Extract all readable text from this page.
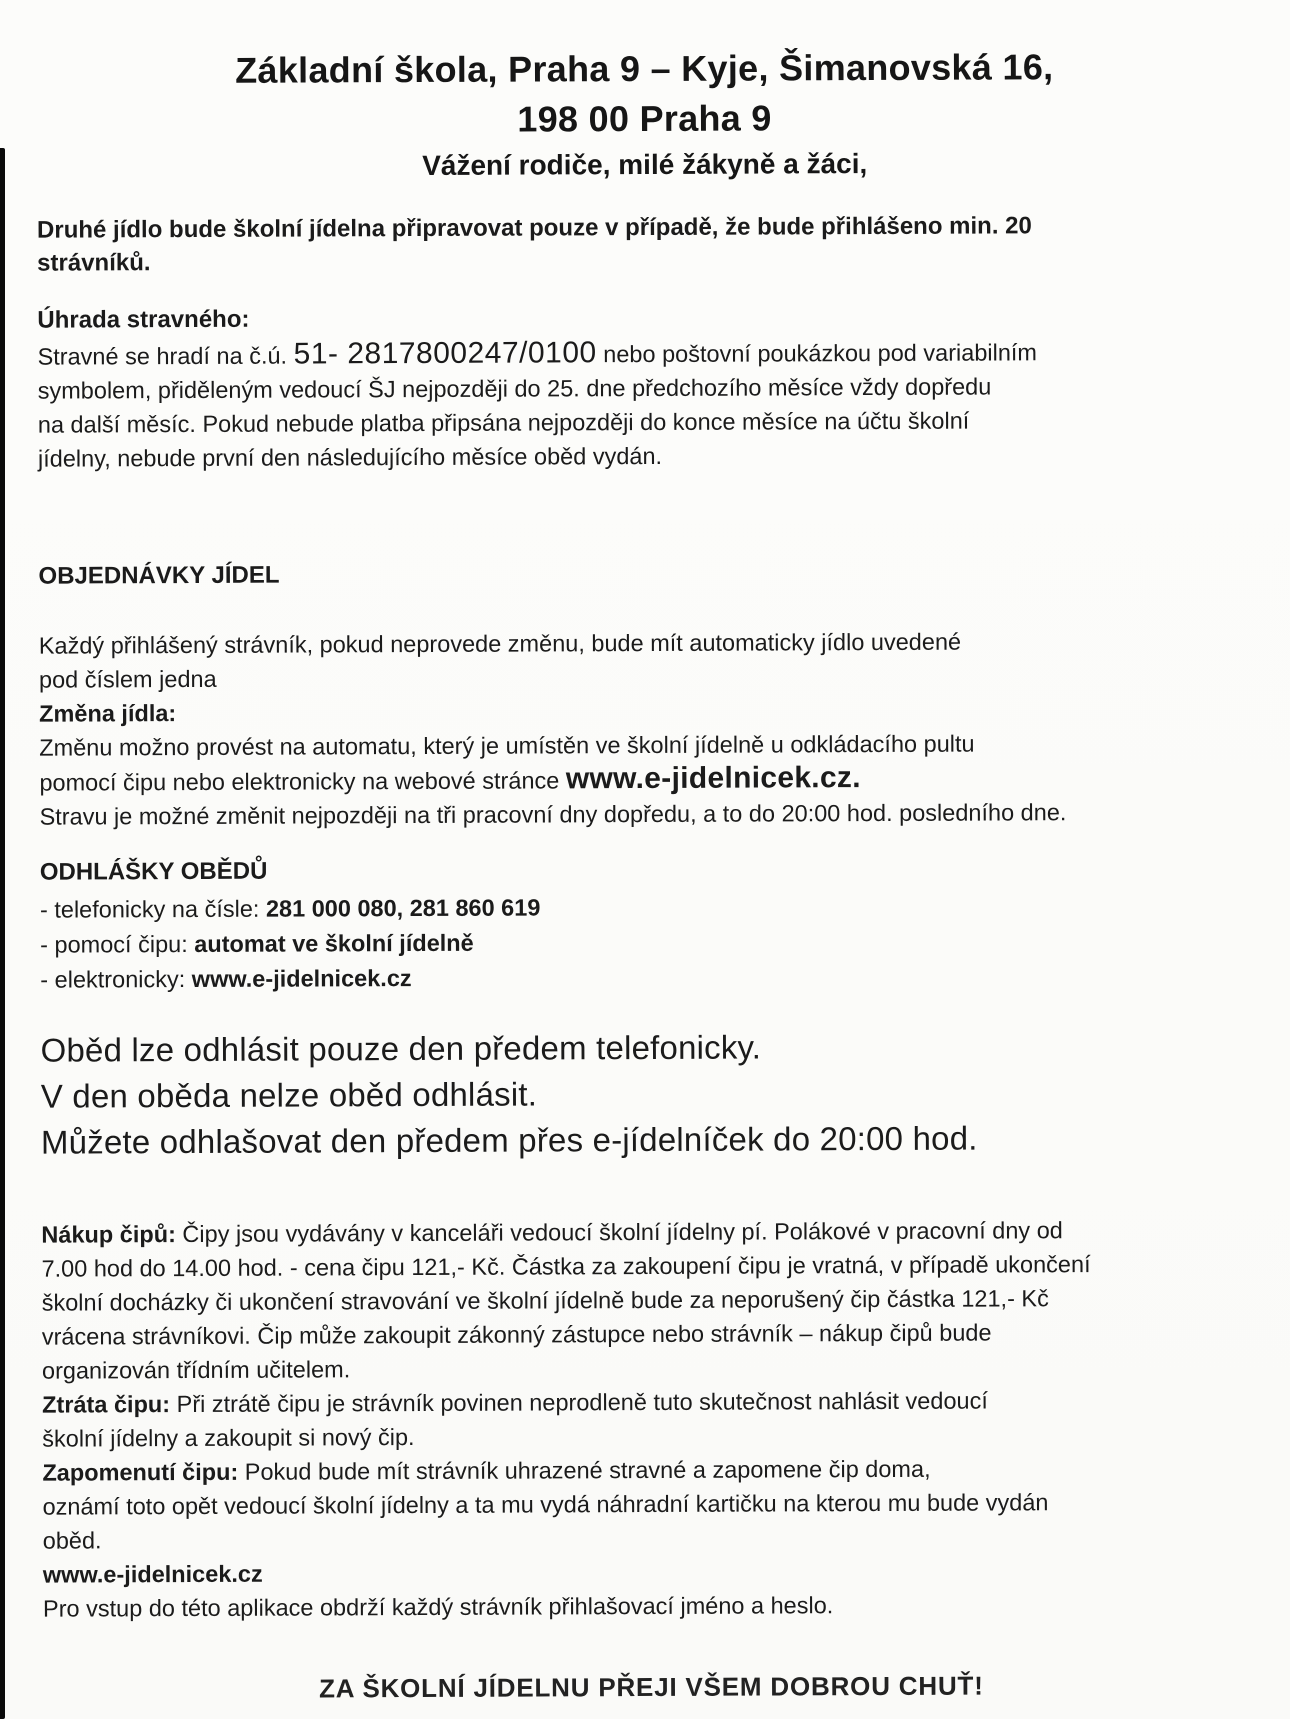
Základní škola, Praha 9 – Kyje, Šimanovská 16,
198 00 Praha 9

Vážení rodiče, milé žákyně a žáci,

Druhé jídlo bude školní jídelna připravovat pouze v případě, že bude přihlášeno min. 20
strávníků.

Úhrada stravného:

Stravné se hradí na č.ú. 51- 2817800247/0100 nebo poštovní poukázkou pod variabilním
symbolem, přiděleným vedoucí ŠJ nejpozději do 25. dne předchozího měsíce vždy dopředu
na další měsíc. Pokud nebude platba připsána nejpozději do konce měsíce na účtu školní
jídelny, nebude první den následujícího měsíce oběd vydán.

OBJEDNÁVKY JÍDEL

Každý přihlášený strávník, pokud neprovede změnu, bude mít automaticky jídlo uvedené
pod číslem jedna

Změna jídla:

Změnu možno provést na automatu, který je umístěn ve školní jídelně u odkládacího pultu
pomocí čipu nebo elektronicky na webové stránce www.e-jidelnicek.cz.
Stravu je možné změnit nejpozději na tři pracovní dny dopředu, a to do 20:00 hod. posledního dne.

ODHLÁŠKY OBĚDŮ

- telefonicky na čísle: 281 000 080, 281 860 619
- pomocí čipu: automat ve školní jídelně
- elektronicky: www.e-jidelnicek.cz

Oběd lze odhlásit pouze den předem telefonicky.
V den oběda nelze oběd odhlásit.
Můžete odhlašovat den předem přes e-jídelníček do 20:00 hod.

Nákup čipů: Čipy jsou vydávány v kanceláři vedoucí školní jídelny pí. Polákové v pracovní dny od
7.00 hod do 14.00 hod. - cena čipu 121,- Kč. Částka za zakoupení čipu je vratná, v případě ukončení
školní docházky či ukončení stravování ve školní jídelně bude za neporušený čip částka 121,- Kč
vrácena strávníkovi. Čip může zakoupit zákonný zástupce nebo strávník – nákup čipů bude
organizován třídním učitelem.

Ztráta čipu: Při ztrátě čipu je strávník povinen neprodleně tuto skutečnost nahlásit vedoucí
školní jídelny a zakoupit si nový čip.

Zapomenutí čipu: Pokud bude mít strávník uhrazené stravné a zapomene čip doma,
oznámí toto opět vedoucí školní jídelny a ta mu vydá náhradní kartičku na kterou mu bude vydán
oběd.

www.e-jidelnicek.cz

Pro vstup do této aplikace obdrží každý strávník přihlašovací jméno a heslo.

ZA ŠKOLNÍ JÍDELNU PŘEJI VŠEM DOBROU CHUŤ!
